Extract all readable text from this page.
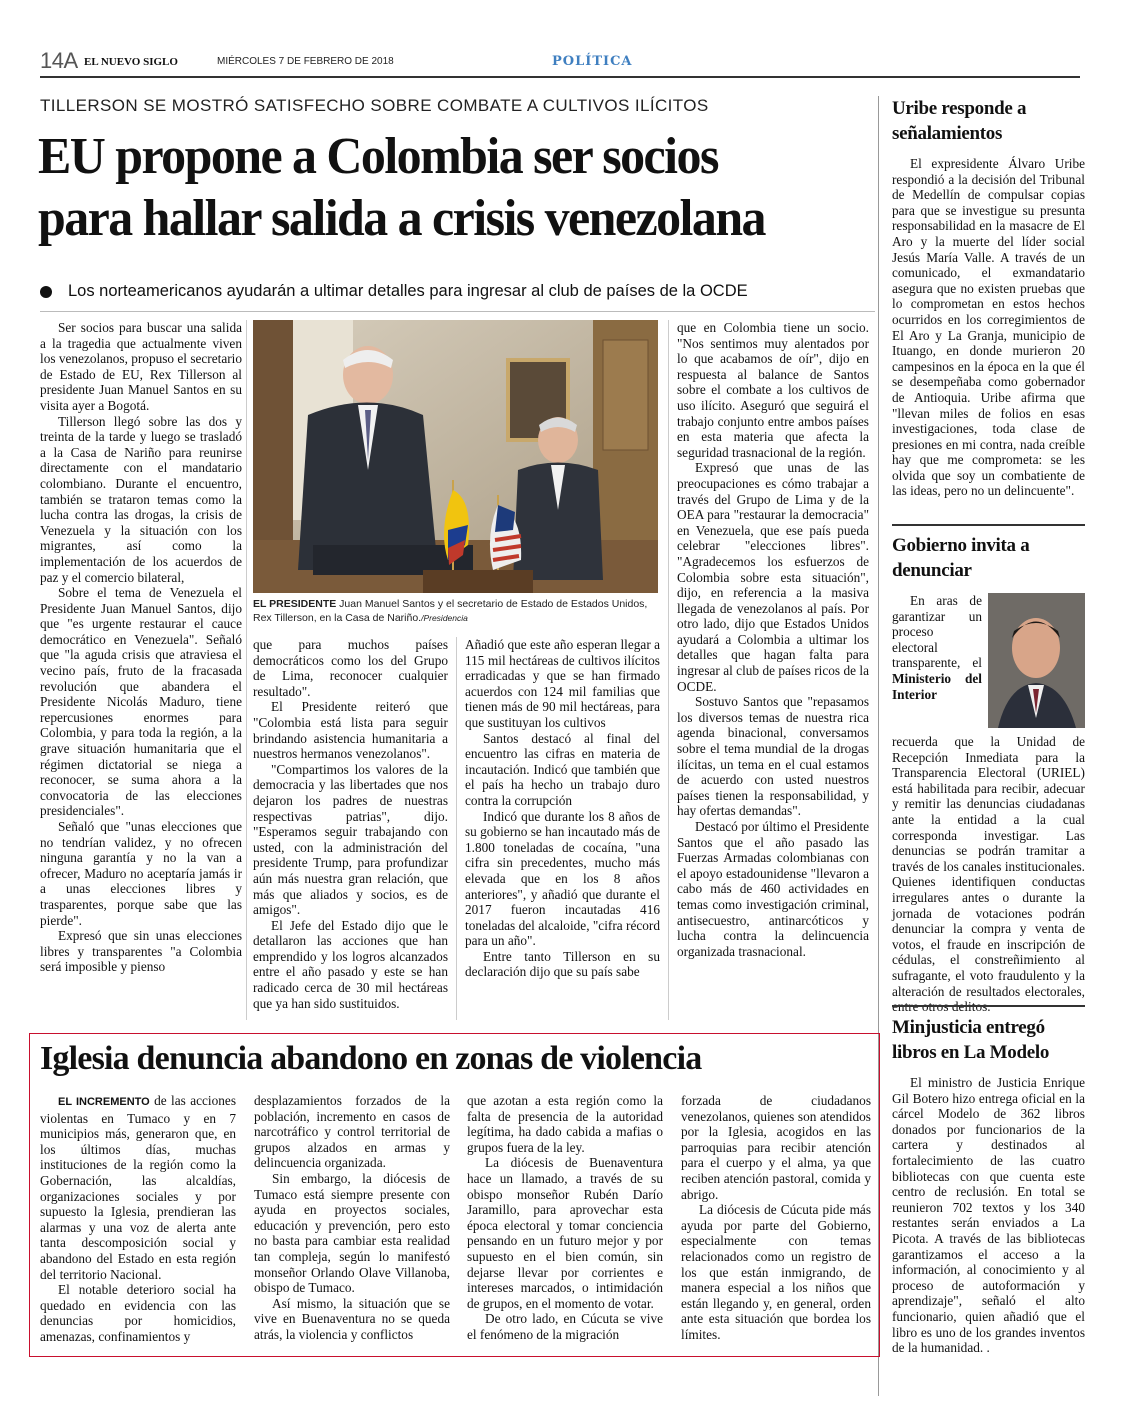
14A EL NUEVO SIGLO	MIÉRCOLES 7 DE FEBRERO DE 2018	POLÍTICA
TILLERSON SE MOSTRÓ SATISFECHO SOBRE COMBATE A CULTIVOS ILÍCITOS
EU propone a Colombia ser socios
para hallar salida a crisis venezolana
Los norteamericanos ayudarán a ultimar detalles para ingresar al club de países de la OCDE

Ser socios para buscar una salida a la tragedia que actualmente viven los venezolanos, propuso el secretario de Estado de EU, Rex Tillerson al presidente Juan Manuel Santos en su visita ayer a Bogotá.

Tillerson llegó sobre las dos y treinta de la tarde y luego se trasladó a la Casa de Nariño para reunirse directamente con el mandatario colombiano. Durante el encuentro, también se trataron temas como la lucha contra las drogas, la crisis de Venezuela y la situación con los migrantes, así como la implementación de los acuerdos de paz y el comercio bilateral,

Sobre el tema de Venezuela el Presidente Juan Manuel Santos, dijo que "es urgente restaurar el cauce democrático en Venezuela". Señaló que "la aguda crisis que atraviesa el vecino país, fruto de la fracasada revolución que abandera el Presidente Nicolás Maduro, tiene repercusiones enormes para Colombia, y para toda la región, a la grave situación humanitaria que el régimen dictatorial se niega a reconocer, se suma ahora a la convocatoria de las elecciones presidenciales".

Señaló que "unas elecciones que no tendrían validez, y no ofrecen ninguna garantía y no la van a ofrecer, Maduro no aceptaría jamás ir a unas elecciones libres y trasparentes, porque sabe que las pierde".

Expresó que sin unas elecciones libres y transparentes "a Colombia será imposible y pienso

EL PRESIDENTE Juan Manuel Santos y el secretario de Estado de Estados Unidos, Rex Tillerson, en la Casa de Nariño./Presidencia

que para muchos países democráticos como los del Grupo de Lima, reconocer cualquier resultado".

El Presidente reiteró que "Colombia está lista para seguir brindando asistencia humanitaria a nuestros hermanos venezolanos".

"Compartimos los valores de la democracia y las libertades que nos dejaron los padres de nuestras respectivas patrias", dijo. "Esperamos seguir trabajando con usted, con la administración del presidente Trump, para profundizar aún más nuestra gran relación, que más que aliados y socios, es de amigos".

El Jefe del Estado dijo que le detallaron las acciones que han emprendido y los logros alcanzados entre el año pasado y este se han radicado cerca de 30 mil hectáreas que ya han sido sustituidos.

Añadió que este año esperan llegar a 115 mil hectáreas de cultivos ilícitos erradicadas y que se han firmado acuerdos con 124 mil familias que tienen más de 90 mil hectáreas, para que sustituyan los cultivos

Santos destacó al final del encuentro las cifras en materia de incautación. Indicó que también que el país ha hecho un trabajo duro contra la corrupción

Indicó que durante los 8 años de su gobierno se han incautado más de 1.800 toneladas de cocaína, "una cifra sin precedentes, mucho más elevada que en los 8 años anteriores", y añadió que durante el 2017 fueron incautadas 416 toneladas del alcaloide, "cifra récord para un año".

Entre tanto Tillerson en su declaración dijo que su país sabe

que en Colombia tiene un socio. "Nos sentimos muy alentados por lo que acabamos de oír", dijo en respuesta al balance de Santos sobre el combate a los cultivos de uso ilícito. Aseguró que seguirá el trabajo conjunto entre ambos países en esta materia que afecta la seguridad trasnacional de la región.

Expresó que unas de las preocupaciones es cómo trabajar a través del Grupo de Lima y de la OEA para "restaurar la democracia" en Venezuela, que ese país pueda celebrar "elecciones libres". "Agradecemos los esfuerzos de Colombia sobre esta situación", dijo, en referencia a la masiva llegada de venezolanos al país. Por otro lado, dijo que Estados Unidos ayudará a Colombia a ultimar los detalles que hagan falta para ingresar al club de países ricos de la OCDE.

Sostuvo Santos que "repasamos los diversos temas de nuestra rica agenda binacional, conversamos sobre el tema mundial de la drogas ilícitas, un tema en el cual estamos de acuerdo con usted nuestros países tienen la responsabilidad, y hay ofertas demandas".

Destacó por último el Presidente Santos que el año pasado las Fuerzas Armadas colombianas con el apoyo estadounidense "llevaron a cabo más de 460 actividades en temas como investigación criminal, antisecuestro, antinarcóticos y lucha contra la delincuencia organizada trasnacional.

Uribe responde a señalamientos

El expresidente Álvaro Uribe respondió a la decisión del Tribunal de Medellín de compulsar copias para que se investigue su presunta responsabilidad en la masacre de El Aro y la muerte del líder social Jesús María Valle. A través de un comunicado, el exmandatario asegura que no existen pruebas que lo comprometan en estos hechos ocurridos en los corregimientos de El Aro y La Granja, municipio de Ituango, en donde murieron 20 campesinos en la época en la que él se desempeñaba como gobernador de Antioquia. Uribe afirma que "llevan miles de folios en esas investigaciones, toda clase de presiones en mi contra, nada creíble hay que me comprometa: se les olvida que soy un combatiente de las ideas, pero no un delincuente".

Gobierno invita a denunciar

En aras de garantizar un proceso electoral transparente, el Ministerio del Interior

recuerda que la Unidad de Recepción Inmediata para la Transparencia Electoral (URIEL) está habilitada para recibir, adecuar y remitir las denuncias ciudadanas ante la entidad a la cual corresponda investigar. Las denuncias se podrán tramitar a través de los canales institucionales. Quienes identifiquen conductas irregulares antes o durante la jornada de votaciones podrán denunciar la compra y venta de votos, el fraude en inscripción de cédulas, el constreñimiento al sufragante, el voto fraudulento y la alteración de resultados electorales,

Minjusticia entregó libros en La Modelo

El ministro de Justicia Enrique Gil Botero hizo entrega oficial en la cárcel Modelo de 362 libros donados por funcionarios de la cartera y destinados al fortalecimiento de las cuatro bibliotecas con que cuenta este centro de reclusión. En total se reunieron 702 textos y los 340 restantes serán enviados a La Picota. A través de las bibliotecas garantizamos el acceso a la información, al conocimiento y al proceso de autoformación y aprendizaje", señaló el alto funcionario, quien añadió que el libro es uno de los grandes inventos de la humanidad. .

Iglesia denuncia abandono en zonas de violencia

EL INCREMENTO de las acciones violentas en Tumaco y en 7 municipios más, generaron que, en los últimos días, muchas instituciones de la región como la Gobernación, las alcaldías, organizaciones sociales y por supuesto la Iglesia, prendieran las alarmas y una voz de alerta ante tanta descomposición social y abandono del Estado en esta región del territorio Nacional.

El notable deterioro social ha quedado en evidencia con las denuncias por homicidios, amenazas, confinamientos y

desplazamientos forzados de la población, incremento en casos de narcotráfico y control territorial de grupos alzados en armas y delincuencia organizada.

Sin embargo, la diócesis de Tumaco está siempre presente con ayuda en proyectos sociales, educación y prevención, pero esto no basta para cambiar esta realidad tan compleja, según lo manifestó monseñor Orlando Olave Villanoba, obispo de Tumaco.

Así mismo, la situación que se vive en Buenaventura no se queda atrás, la violencia y conflictos

que azotan a esta región como la falta de presencia de la autoridad legítima, ha dado cabida a mafias o grupos fuera de la ley.

La diócesis de Buenaventura hace un llamado, a través de su obispo monseñor Rubén Darío Jaramillo, para aprovechar esta época electoral y tomar conciencia pensando en un futuro mejor y por supuesto en el bien común, sin dejarse llevar por corrientes e intereses marcados, o intimidación de grupos, en el momento de votar.

De otro lado, en Cúcuta se vive el fenómeno de la migración

forzada de ciudadanos venezolanos, quienes son atendidos por la Iglesia, acogidos en las parroquias para recibir atención para el cuerpo y el alma, ya que reciben atención pastoral, comida y abrigo.

La diócesis de Cúcuta pide más ayuda por parte del Gobierno, especialmente con temas relacionados como un registro de los que están inmigrando, de manera especial a los niños que están llegando y, en general, orden ante esta situación que bordea los límites.
